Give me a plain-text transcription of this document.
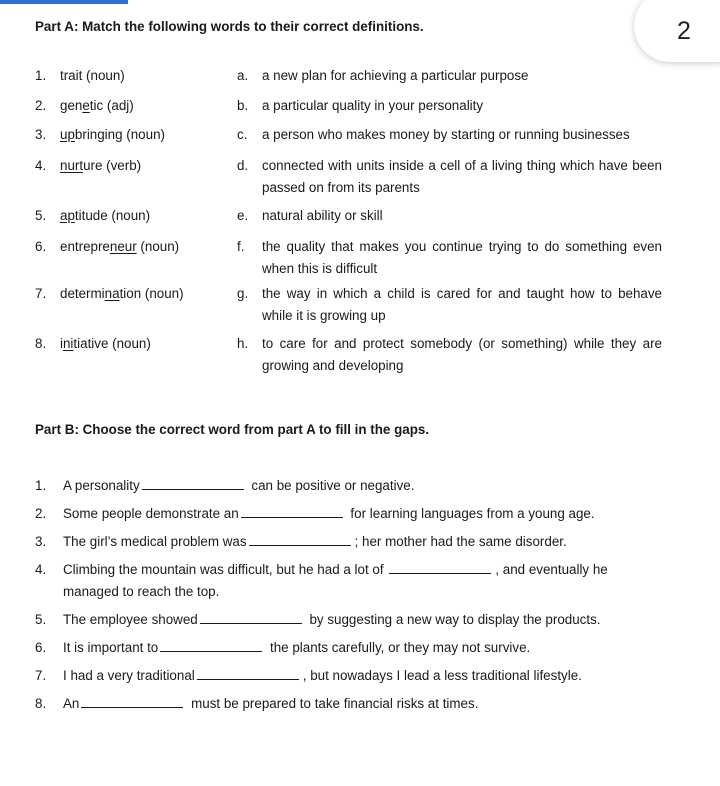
2
Part A: Match the following words to their correct definitions.
1. trait (noun)	a. a new plan for achieving a particular purpose
2. genetic (adj)	b. a particular quality in your personality
3. upbringing (noun)	c. a person who makes money by starting or running businesses
4. nurture (verb)	d. connected with units inside a cell of a living thing which have been passed on from its parents
5. aptitude (noun)	e. natural ability or skill
6. entrepreneur (noun)	f. the quality that makes you continue trying to do something even when this is difficult
7. determination (noun)	g. the way in which a child is cared for and taught how to behave while it is growing up
8. initiative (noun)	h. to care for and protect somebody (or something) while they are growing and developing
Part B: Choose the correct word from part A to fill in the gaps.
1. A personality	can be positive or negative.
2. Some people demonstrate an	for learning languages from a young age.
3. The girl’s medical problem was	; her mother had the same disorder.
4. Climbing the mountain was difficult, but he had a lot of	, and eventually he managed to reach the top.
5. The employee showed	by suggesting a new way to display the products.
6. It is important to	the plants carefully, or they may not survive.
7. I had a very traditional	, but nowadays I lead a less traditional lifestyle.
8. An	must be prepared to take financial risks at times.
